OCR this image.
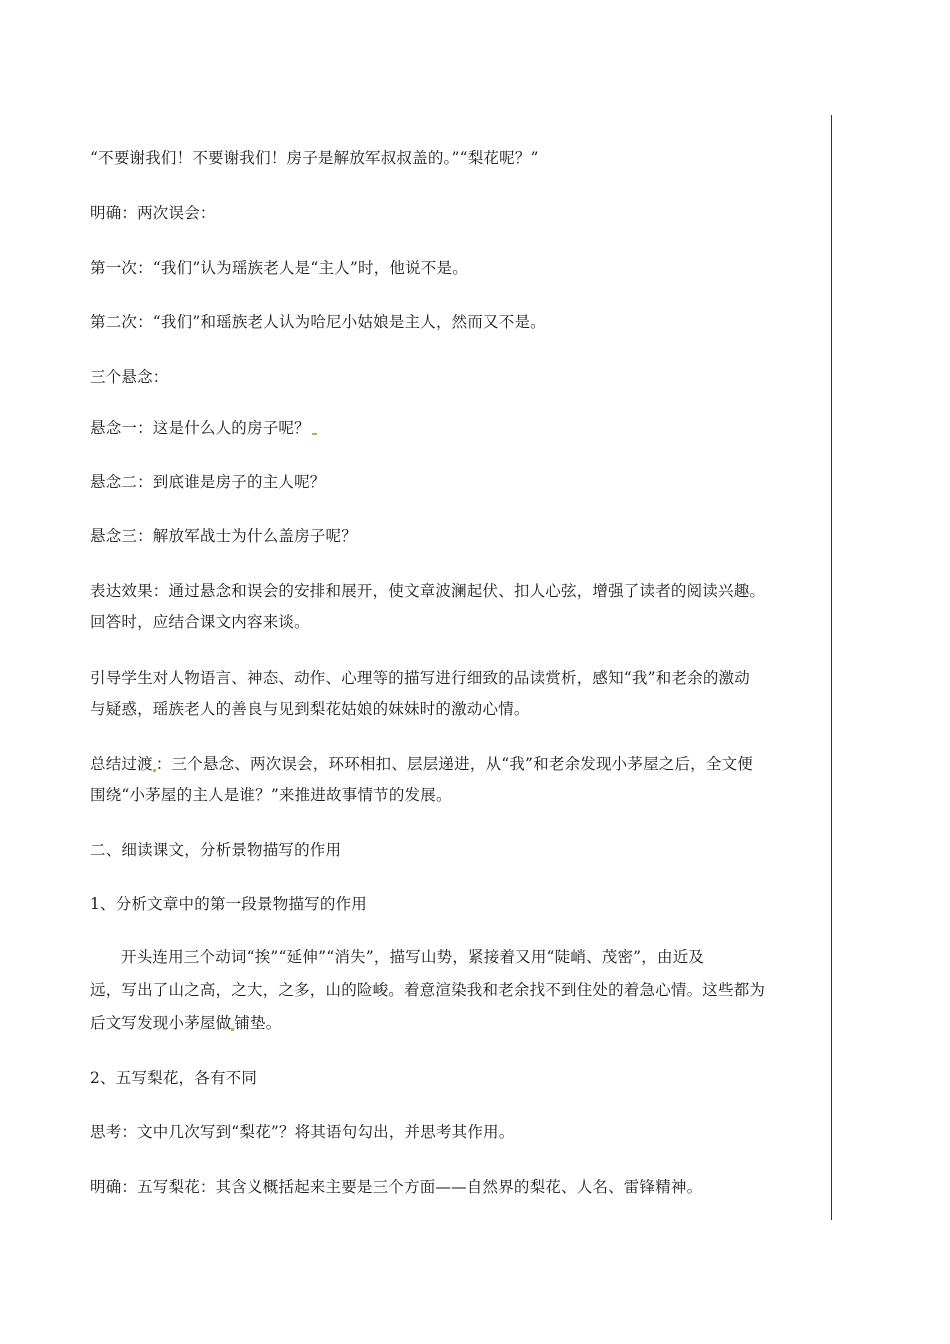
“不要谢我们！不要谢我们！房子是解放军叔叔盖的。”“梨花呢？”
明确：两次误会：
第一次：“我们”认为瑶族老人是“主人”时，他说不是。
第二次：“我们”和瑶族老人认为哈尼小姑娘是主人，然而又不是。
三个悬念：
悬念一：这是什么人的房子呢？
悬念二：到底谁是房子的主人呢？
悬念三：解放军战士为什么盖房子呢？
表达效果：通过悬念和误会的安排和展开，使文章波澜起伏、扣人心弦，增强了读者的阅读兴趣。
回答时，应结合课文内容来谈。
引导学生对人物语言、神态、动作、心理等的描写进行细致的品读赏析，感知“我”和老余的激动
与疑惑，瑶族老人的善良与见到梨花姑娘的妹妹时的激动心情。
总结过渡 ：三个悬念、两次误会，环环相扣、层层递进，从“我”和老余发现小茅屋之后，全文便
围绕“小茅屋的主人是谁？”来推进故事情节的发展。
二、细读课文，分析景物描写的作用
1、分析文章中的第一段景物描写的作用
开头连用三个动词“挨”“延伸”“消失”，描写山势，紧接着又用“陡峭、茂密”，由近及
远，写出了山之高，之大，之多，山的险峻。着意渲染我和老余找不到住处的着急心情。这些都为
后文写发现小茅屋做 铺垫。
2、五写梨花，各有不同
思考：文中几次写到“梨花”？将其语句勾出，并思考其作用。
明确：五写梨花：其含义概括起来主要是三个方面——自然界的梨花、人名、雷锋精神。
